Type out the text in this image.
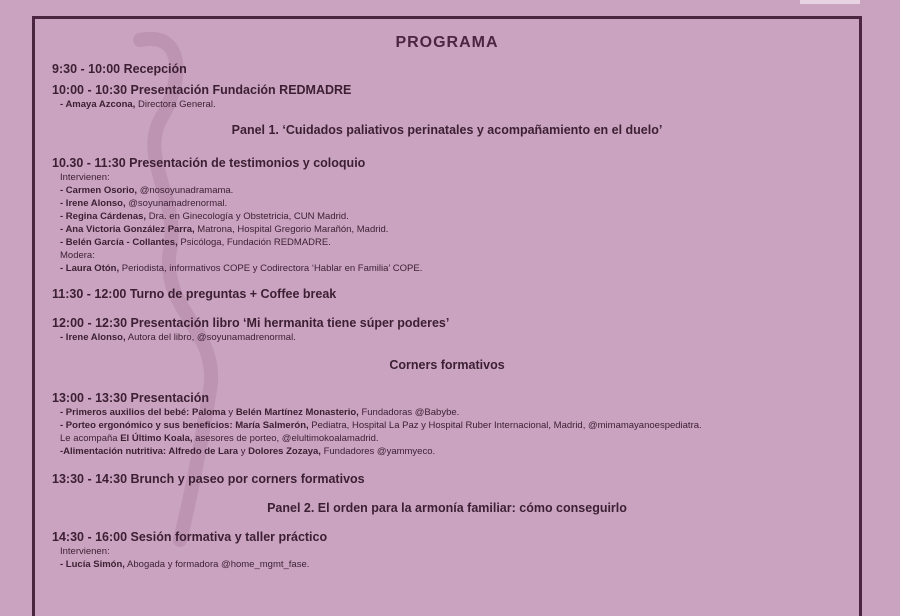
PROGRAMA
9:30 - 10:00 Recepción
10:00 - 10:30 Presentación Fundación REDMADRE
- Amaya Azcona, Directora General.
Panel 1. ‘Cuidados paliativos perinatales y acompañamiento en el duelo’
10.30 - 11:30 Presentación de testimonios y coloquio
Intervienen:
- Carmen Osorio, @nosoyunadramama.
- Irene Alonso, @soyunamadrenormal.
- Regina Cárdenas, Dra. en Ginecología y Obstetricia, CUN Madrid.
- Ana Victoria González Parra, Matrona, Hospital Gregorio Marañón, Madrid.
- Belén García - Collantes, Psicóloga, Fundación REDMADRE.
Modera:
- Laura Otón, Periodista, informativos COPE y Codirectora ‘Hablar en Familia’ COPE.
11:30 - 12:00 Turno de preguntas + Coffee break
12:00 - 12:30 Presentación libro ‘Mi hermanita tiene súper poderes’
- Irene Alonso, Autora del libro, @soyunamadrenormal.
Corners formativos
13:00 - 13:30 Presentación
- Primeros auxilios del bebé: Paloma y Belén Martínez Monasterio, Fundadoras @Babybe.
- Porteo ergonómico y sus beneficios: María Salmerón, Pediatra, Hospital La Paz y Hospital Ruber Internacional, Madrid, @mimamayanoespediatra.
Le acompaña El Último Koala, asesores de porteo, @elultimokoalamadrid.
-Alimentación nutritiva: Alfredo de Lara y Dolores Zozaya, Fundadores @yammyeco.
13:30 - 14:30 Brunch y paseo por corners formativos
Panel 2. El orden para la armonía familiar: cómo conseguirlo
14:30 - 16:00 Sesión formativa y taller práctico
Intervienen:
- Lucía Simón, Abogada y formadora @home_mgmt_fase.
